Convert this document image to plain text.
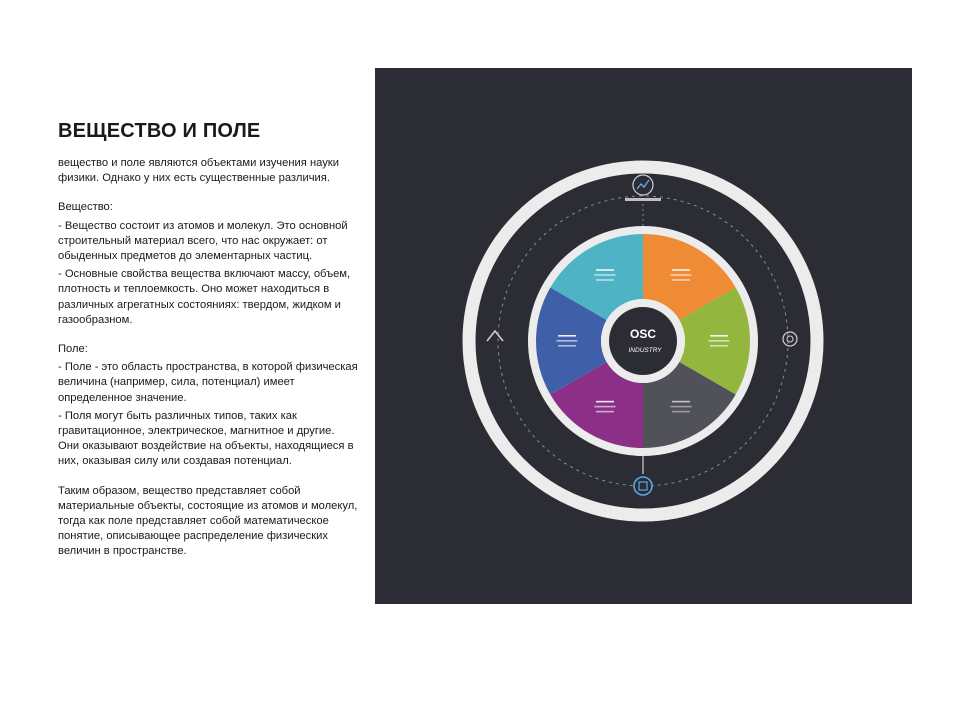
ВЕЩЕСТВО И ПОЛЕ

вещество и поле являются объектами изучения науки физики. Однако у них есть существенные различия.

Вещество:

- Вещество состоит из атомов и молекул. Это основной строительный материал всего, что нас окружает: от обыденных предметов до элементарных частиц.

- Основные свойства вещества включают массу, объем, плотность и теплоемкость. Оно может находиться в различных агрегатных состояниях: твердом, жидком и газообразном.

Поле:

- Поле - это область пространства, в которой физическая величина (например, сила, потенциал) имеет определенное значение.

- Поля могут быть различных типов, таких как гравитационное, электрическое, магнитное и другие. Они оказывают воздействие на объекты, находящиеся в них, оказывая силу или создавая потенциал.

Таким образом, вещество представляет собой материальные объекты, состоящие из атомов и молекул, тогда как поле представляет собой математическое понятие, описывающее распределение физических величин в пространстве.

OSC
INDUSTRY
